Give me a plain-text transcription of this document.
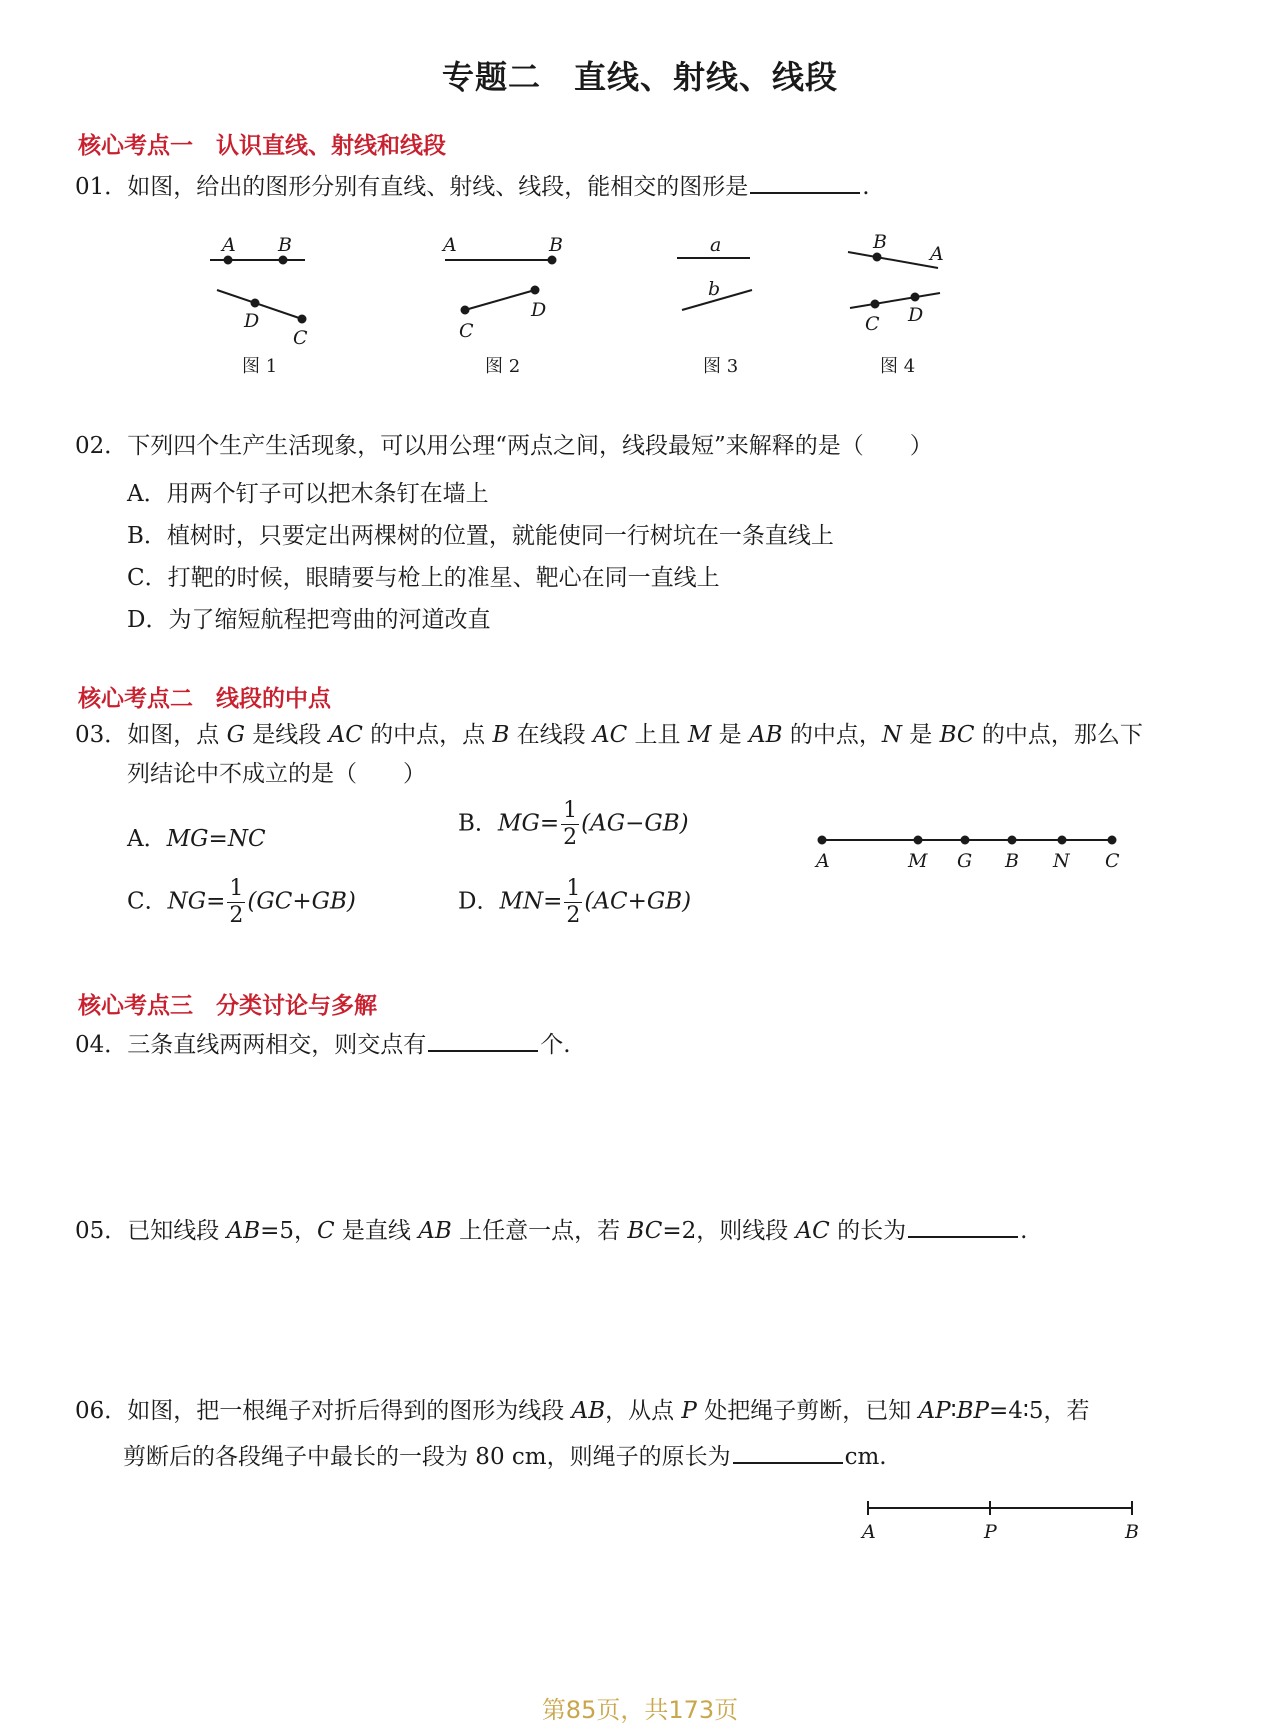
专题二　直线、射线、线段
核心考点一　认识直线、射线和线段
01．如图，给出的图形分别有直线、射线、线段，能相交的图形是	.
A B
D
C
A	B
C
D
a
b
B
A
C D
图 1	图 2	图 3	图 4
02．下列四个生产生活现象，可以用公理“两点之间，线段最短”来解释的是（　　）
A．用两个钉子可以把木条钉在墙上
B．植树时，只要定出两棵树的位置，就能使同一行树坑在一条直线上
C．打靶的时候，眼睛要与枪上的准星、靶心在同一直线上
D．为了缩短航程把弯曲的河道改直
核心考点二　线段的中点
03．如图，点 G 是线段 AC 的中点，点 B 在线段 AC 上且 M 是 AB 的中点，N 是 BC 的中点，那么下
列结论中不成立的是（　　）
A．MG=NC
B．$MG= \frac{1}{2} (AG-GB)$
C．$NG= \frac{1}{2} (GC+GB)$	D．$MN= \frac{1}{2} (AC+GB)$
A	M G B N C
核心考点三　分类讨论与多解
04．三条直线两两相交，则交点有	个.
05．已知线段 AB=5，C 是直线 AB 上任意一点，若 BC=2，则线段 AC 的长为	.
06．如图，把一根绳子对折后得到的图形为线段 AB，从点 P 处把绳子剪断，已知 AP∶BP=4∶5，若
剪断后的各段绳子中最长的一段为 80 cm，则绳子的原长为	cm.
A	P	B
第85页，共173页
